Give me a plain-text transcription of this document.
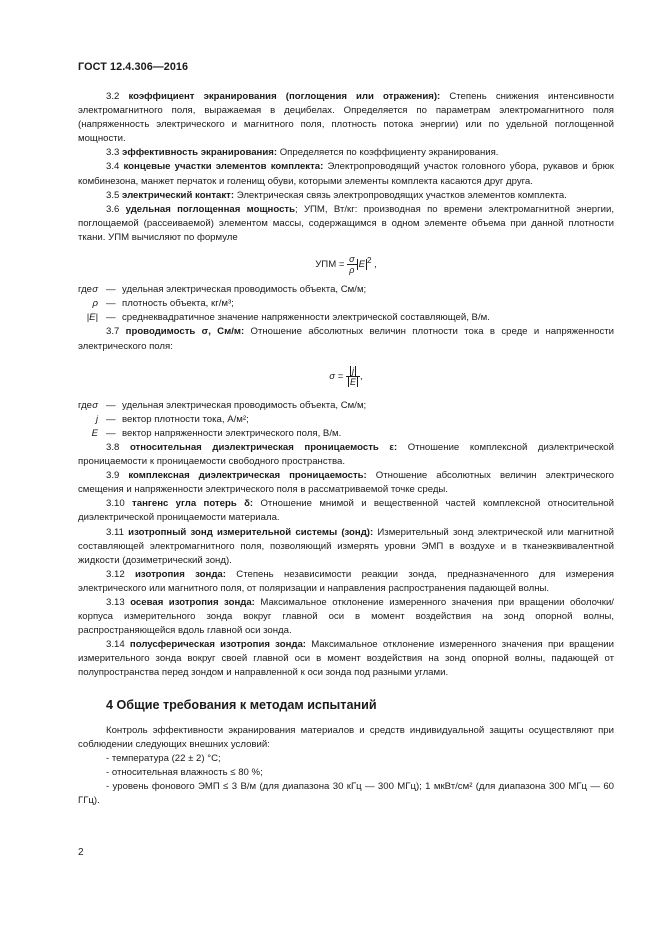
ГОСТ 12.4.306—2016

3.2 коэффициент экранирования (поглощения или отражения): Степень снижения интенсивности электромагнитного поля, выражаемая в децибелах. Определяется по параметрам электромагнитного поля (напряженность электрического и магнитного поля, плотность потока энергии) или по удельной поглощенной мощности.

3.3 эффективность экранирования: Определяется по коэффициенту экранирования.

3.4 концевые участки элементов комплекта: Электропроводящий участок головного убора, рукавов и брюк комбинезона, манжет перчаток и голенищ обуви, которыми элементы комплекта касаются друг друга.

3.5 электрический контакт: Электрическая связь электропроводящих участков элементов комплекта.

3.6 удельная поглощенная мощность; УПМ, Вт/кг: производная по времени электромагнитной энергии, поглощаемой (рассеиваемой) элементом массы, содержащимся в одном элементе объема при данной плотности ткани. УПМ вычисляют по формуле

УПМ = $\frac{\sigma}{\rho}$ E $^2$ ,
где σ — удельная электрическая проводимость объекта, См/м;
ρ — плотность объекта, кг/м³;
|E| — среднеквадратичное значение напряженности электрической составляющей, В/м.

3.7 проводимость σ, См/м: Отношение абсолютных величин плотности тока в среде и напряженности электрического поля:

$\sigma = \frac{j}{E}$ ,
где σ — удельная электрическая проводимость объекта, См/м;
j — вектор плотности тока, А/м²;
E — вектор напряженности электрического поля, В/м.

3.8 относительная диэлектрическая проницаемость ε: Отношение комплексной диэлектрической проницаемости к проницаемости свободного пространства.

3.9 комплексная диэлектрическая проницаемость: Отношение абсолютных величин электрического смещения и напряженности электрического поля в рассматриваемой точке среды.

3.10 тангенс угла потерь δ: Отношение мнимой и вещественной частей комплексной относительной диэлектрической проницаемости материала.

3.11 изотропный зонд измерительной системы (зонд): Измерительный зонд электрической или магнитной составляющей электромагнитного поля, позволяющий измерять уровни ЭМП в воздухе и в тканеэквивалентной жидкости (дозиметрический зонд).

3.12 изотропия зонда: Степень независимости реакции зонда, предназначенного для измерения электрического или магнитного поля, от поляризации и направления распространения падающей волны.

3.13 осевая изотропия зонда: Максимальное отклонение измеренного значения при вращении оболочки/корпуса измерительного зонда вокруг главной оси в момент воздействия на зонд опорной волны, распространяющейся вдоль главной оси зонда.

3.14 полусферическая изотропия зонда: Максимальное отклонение измеренного значения при вращении измерительного зонда вокруг своей главной оси в момент воздействия на зонд опорной волны, падающей от полупространства перед зондом и направленной к оси зонда под разными углами.

4 Общие требования к методам испытаний

Контроль эффективности экранирования материалов и средств индивидуальной защиты осуществляют при соблюдении следующих внешних условий:

- температура (22 ± 2) °С;

- относительная влажность ≤ 80 %;

- уровень фонового ЭМП ≤ 3 В/м (для диапазона 30 кГц — 300 МГц); 1 мкВт/см² (для диапазона 300 МГц — 60 ГГц).

2
